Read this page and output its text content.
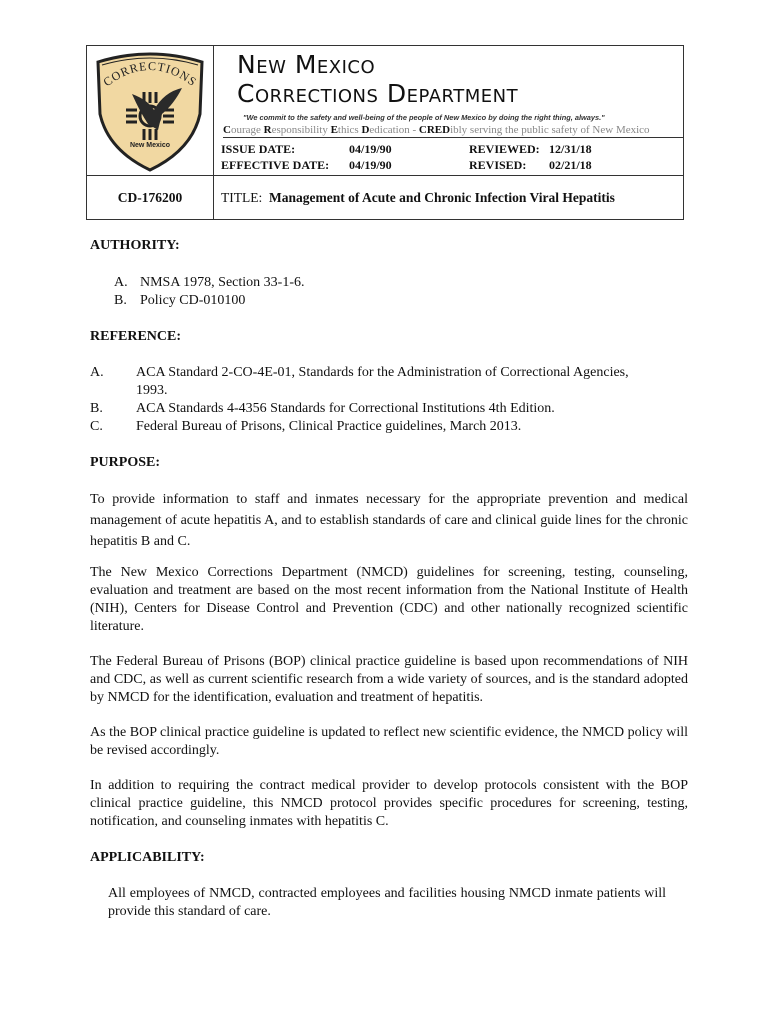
CORRECTIONS
New Mexico
New Mexico
Corrections Department
"We commit to the safety and well-being of the people of New Mexico by doing the right thing, always."
Courage Responsibility Ethics Dedication - CREDibly serving the public safety of New Mexico
ISSUE DATE:	04/19/90	REVIEWED: 12/31/18
EFFECTIVE DATE: 04/19/90	REVISED: 02/21/18
CD-176200	TITLE: Management of Acute and Chronic Infection Viral Hepatitis
AUTHORITY:
A. NMSA 1978, Section 33-1-6.
B. Policy CD-010100
REFERENCE:
A. ACA Standard 2-CO-4E-01, Standards for the Administration of Correctional Agencies,
1993.
B. ACA Standards 4-4356 Standards for Correctional Institutions 4th Edition.
C. Federal Bureau of Prisons, Clinical Practice guidelines, March 2013.
PURPOSE:
To provide information to staff and inmates necessary for the appropriate prevention and medical management of acute hepatitis A, and to establish standards of care and clinical guide lines for the chronic hepatitis B and C.
The New Mexico Corrections Department (NMCD) guidelines for screening, testing, counseling, evaluation and treatment are based on the most recent information from the National Institute of Health (NIH), Centers for Disease Control and Prevention (CDC) and other nationally recognized scientific literature.
The Federal Bureau of Prisons (BOP) clinical practice guideline is based upon recommendations of NIH and CDC, as well as current scientific research from a wide variety of sources, and is the standard adopted by NMCD for the identification, evaluation and treatment of hepatitis.
As the BOP clinical practice guideline is updated to reflect new scientific evidence, the NMCD policy will be revised accordingly.
In addition to requiring the contract medical provider to develop protocols consistent with the BOP clinical practice guideline, this NMCD protocol provides specific procedures for screening, testing, notification, and counseling inmates with hepatitis C.
APPLICABILITY:
All employees of NMCD, contracted employees and facilities housing NMCD inmate patients will provide this standard of care.
